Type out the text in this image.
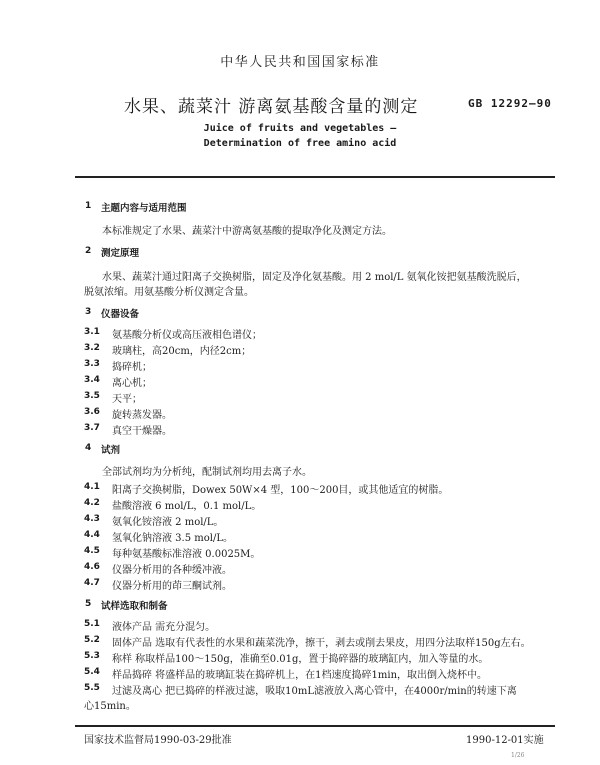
中华人民共和国国家标准
水果、蔬菜汁 游离氨基酸含量的测定	GB 12292—90
Juice of fruits and vegetables —
Determination of free amino acid
1 主题内容与适用范围
本标准规定了水果、蔬菜汁中游离氨基酸的提取净化及测定方法。
2 测定原理
水果、蔬菜汁通过阳离子交换树脂，固定及净化氨基酸。用 2 mol/L 氨氧化铵把氨基酸洗脱后，
脱氨浓缩。用氨基酸分析仪测定含量。
3 仪器设备
3.1 氨基酸分析仪或高压液相色谱仪；
3.2 玻璃柱，高20cm，内径2cm；
3.3 捣碎机；
3.4 离心机；
3.5 天平；
3.6 旋转蒸发器。
3.7 真空干燥器。
4 试剂
全部试剂均为分析纯，配制试剂均用去离子水。
4.1 阳离子交换树脂，Dowex 50W×4 型，100～200目，或其他适宜的树脂。
4.2 盐酸溶液 6 mol/L，0.1 mol/L。
4.3 氨氧化铵溶液 2 mol/L。
4.4 氢氧化钠溶液 3.5 mol/L。
4.5 每种氨基酸标准溶液 0.0025M。
4.6 仪器分析用的各种缓冲液。
4.7 仪器分析用的茚三酮试剂。
5 试样选取和制备
5.1 液体产品 需充分混匀。
5.2 固体产品 选取有代表性的水果和蔬菜洗净，擦干，剥去或削去果皮，用四分法取样150g左右。
5.3 称样 称取样品100～150g，准确至0.01g，置于捣碎器的玻璃缸内，加入等量的水。
5.4 样品捣碎 将盛样品的玻璃缸装在捣碎机上，在1档速度捣碎1min，取出倒入烧杯中。
5.5 过滤及离心 把已捣碎的样液过滤，吸取10mL滤液放入离心管中，在4000r/min的转速下离
心15min。
国家技术监督局1990-03-29批准	1990-12-01实施
1/26
